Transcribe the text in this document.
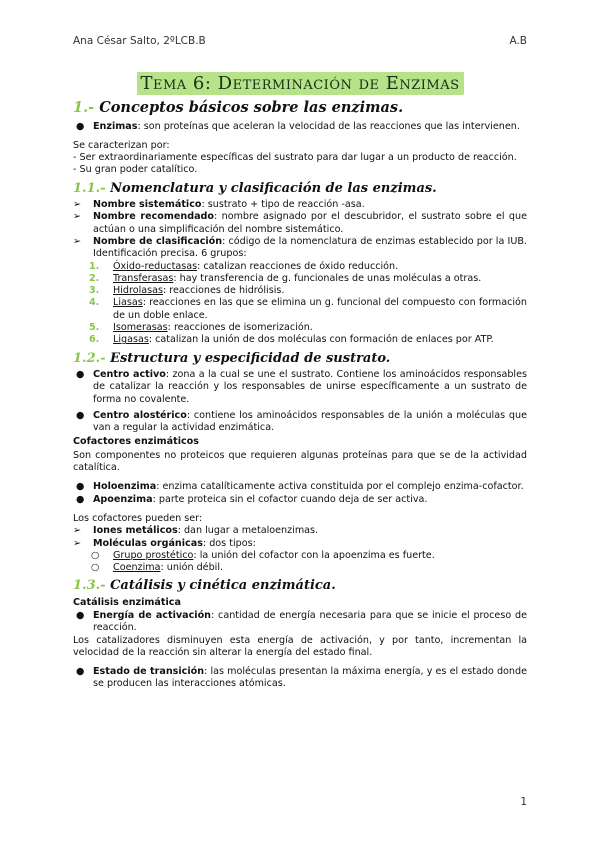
Ana César Salto, 2ºLCB.B	A.B
Tema 6: Determinación de Enzimas
1.- Conceptos básicos sobre las enzimas.
● Enzimas: son proteínas que aceleran la velocidad de las reacciones que las intervienen.

Se caracterizan por:

- Ser extraordinariamente específicas del sustrato para dar lugar a un producto de reacción.

- Su gran poder catalítico.

1.1.- Nomenclatura y clasificación de las enzimas.
➢ Nombre sistemático: sustrato + tipo de reacción -asa.
➢ Nombre recomendado: nombre asignado por el descubridor, el sustrato sobre el que actúan o una simplificación del nombre sistemático.
➢ Nombre de clasificación: código de la nomenclatura de enzimas establecido por la IUB. Identificación precisa. 6 grupos:
1. Óxido-reductasas: catalizan reacciones de óxido reducción.
2. Transferasas: hay transferencia de g. funcionales de unas moléculas a otras.
3. Hidrolasas: reacciones de hidrólisis.
4. Liasas: reacciones en las que se elimina un g. funcional del compuesto con formación de un doble enlace.
5. Isomerasas: reacciones de isomerización.
6. Ligasas: catalizan la unión de dos moléculas con formación de enlaces por ATP.
1.2.- Estructura y especificidad de sustrato.
● Centro activo: zona a la cual se une el sustrato. Contiene los aminoácidos responsables de catalizar la reacción y los responsables de unirse específicamente a un sustrato de forma no covalente.
● Centro alostérico: contiene los aminoácidos responsables de la unión a moléculas que van a regular la actividad enzimática.
Cofactores enzimáticos

Son componentes no proteicos que requieren algunas proteínas para que se de la actividad catalítica.

● Holoenzima: enzima catalíticamente activa constituida por el complejo enzima-cofactor.
● Apoenzima: parte proteica sin el cofactor cuando deja de ser activa.

Los cofactores pueden ser:

➢ Iones metálicos: dan lugar a metaloenzimas.
➢ Moléculas orgánicas: dos tipos:
○ Grupo prostético: la unión del cofactor con la apoenzima es fuerte.
○ Coenzima: unión débil.
1.3.- Catálisis y cinética enzimática.
Catálisis enzimática
● Energía de activación: cantidad de energía necesaria para que se inicie el proceso de reacción.

Los catalizadores disminuyen esta energía de activación, y por tanto, incrementan la velocidad de la reacción sin alterar la energía del estado final.

● Estado de transición: las moléculas presentan la máxima energía, y es el estado donde se producen las interacciones atómicas.
1
